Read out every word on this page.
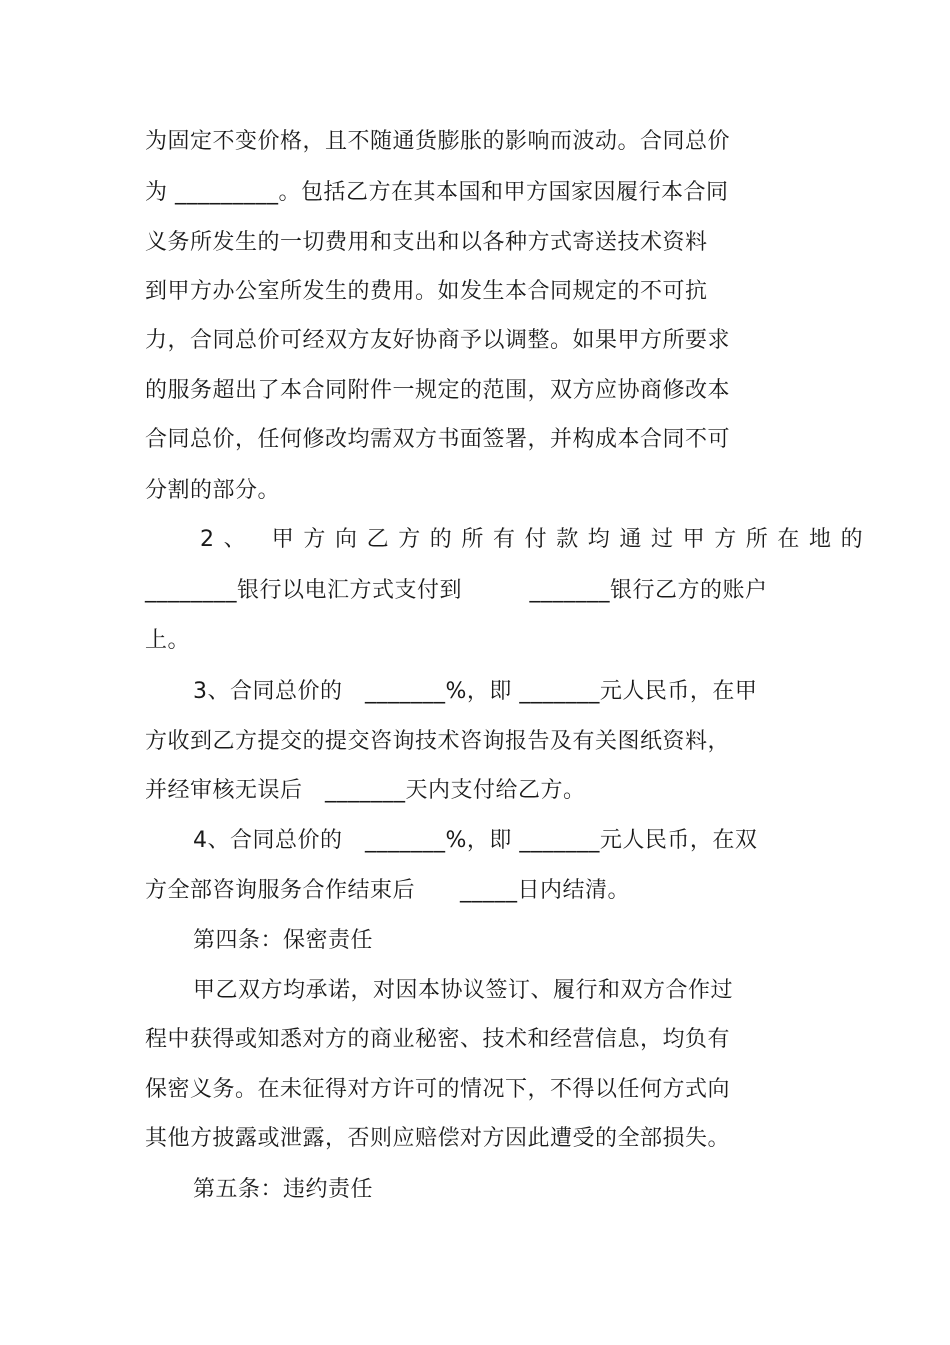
为固定不变价格，且不随通货膨胀的影响而波动。合同总价
为 _________。包括乙方在其本国和甲方国家因履行本合同
义务所发生的一切费用和支出和以各种方式寄送技术资料
到甲方办公室所发生的费用。如发生本合同规定的不可抗
力，合同总价可经双方友好协商予以调整。如果甲方所要求
的服务超出了本合同附件一规定的范围，双方应协商修改本
合同总价，任何修改均需双方书面签署，并构成本合同不可
分割的部分。
2、 甲方向乙方的所有付款均通过甲方所在地的
________银行以电汇方式支付到　　　_______银行乙方的账户
上。
3、合同总价的　_______%，即 _______元人民币，在甲
方收到乙方提交的提交咨询技术咨询报告及有关图纸资料，
并经审核无误后　_______天内支付给乙方。
4、合同总价的　_______%，即 _______元人民币，在双
方全部咨询服务合作结束后　　_____日内结清。
第四条：保密责任
甲乙双方均承诺，对因本协议签订、履行和双方合作过
程中获得或知悉对方的商业秘密、技术和经营信息，均负有
保密义务。在未征得对方许可的情况下，不得以任何方式向
其他方披露或泄露，否则应赔偿对方因此遭受的全部损失。
第五条：违约责任
